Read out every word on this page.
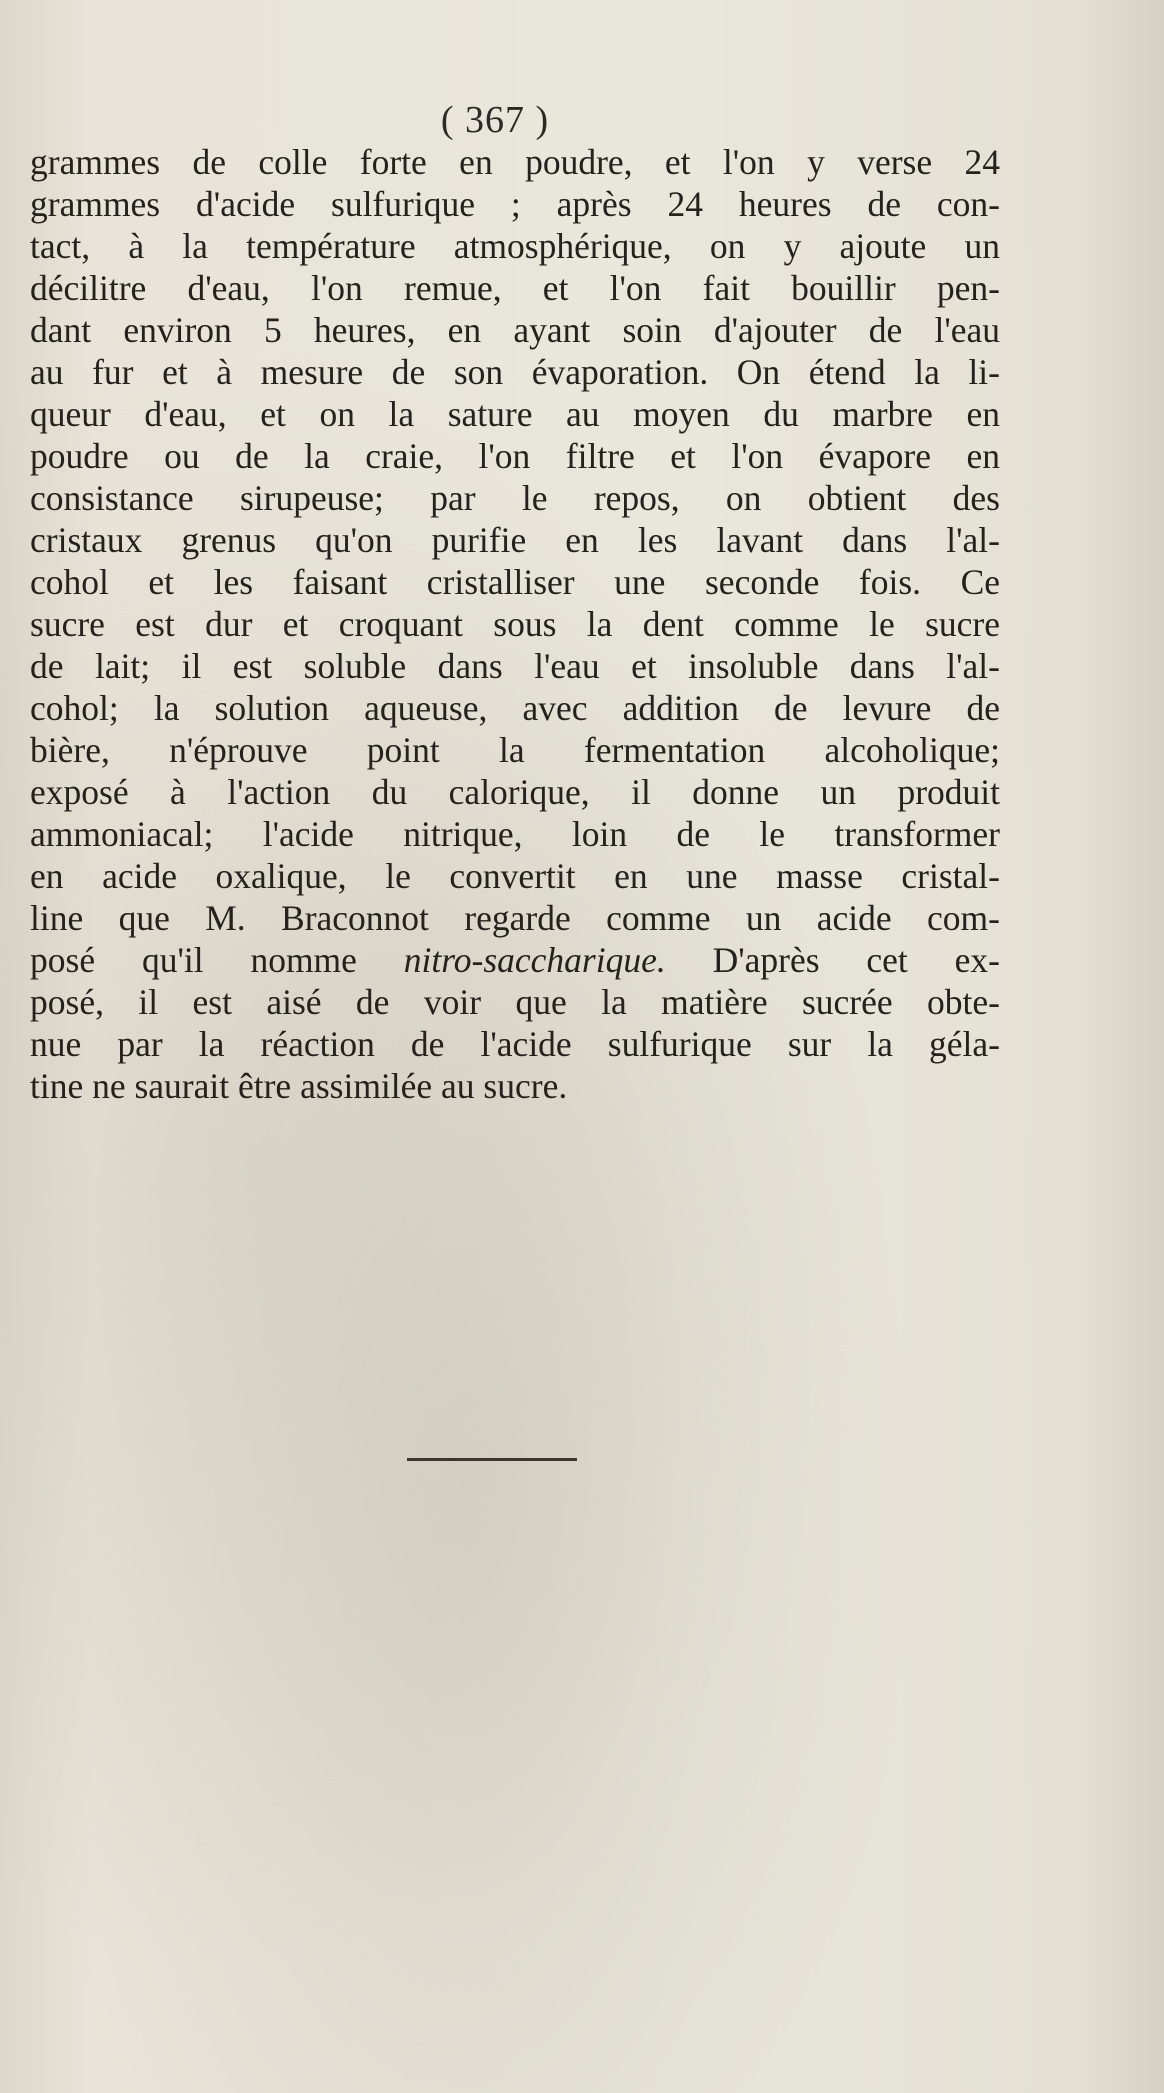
( 367 )
grammes de colle forte en poudre, et l'on y verse 24
grammes d'acide sulfurique ; après 24 heures de con-
tact, à la température atmosphérique, on y ajoute un
décilitre d'eau, l'on remue, et l'on fait bouillir pen-
dant environ 5 heures, en ayant soin d'ajouter de l'eau
au fur et à mesure de son évaporation. On étend la li-
queur d'eau, et on la sature au moyen du marbre en
poudre ou de la craie, l'on filtre et l'on évapore en
consistance sirupeuse; par le repos, on obtient des
cristaux grenus qu'on purifie en les lavant dans l'al-
cohol et les faisant cristalliser une seconde fois. Ce
sucre est dur et croquant sous la dent comme le sucre
de lait; il est soluble dans l'eau et insoluble dans l'al-
cohol; la solution aqueuse, avec addition de levure de
bière, n'éprouve point la fermentation alcoholique;
exposé à l'action du calorique, il donne un produit
ammoniacal; l'acide nitrique, loin de le transformer
en acide oxalique, le convertit en une masse cristal-
line que M. Braconnot regarde comme un acide com-
posé qu'il nomme nitro-saccharique. D'après cet ex-
posé, il est aisé de voir que la matière sucrée obte-
nue par la réaction de l'acide sulfurique sur la géla-
tine ne saurait être assimilée au sucre.
